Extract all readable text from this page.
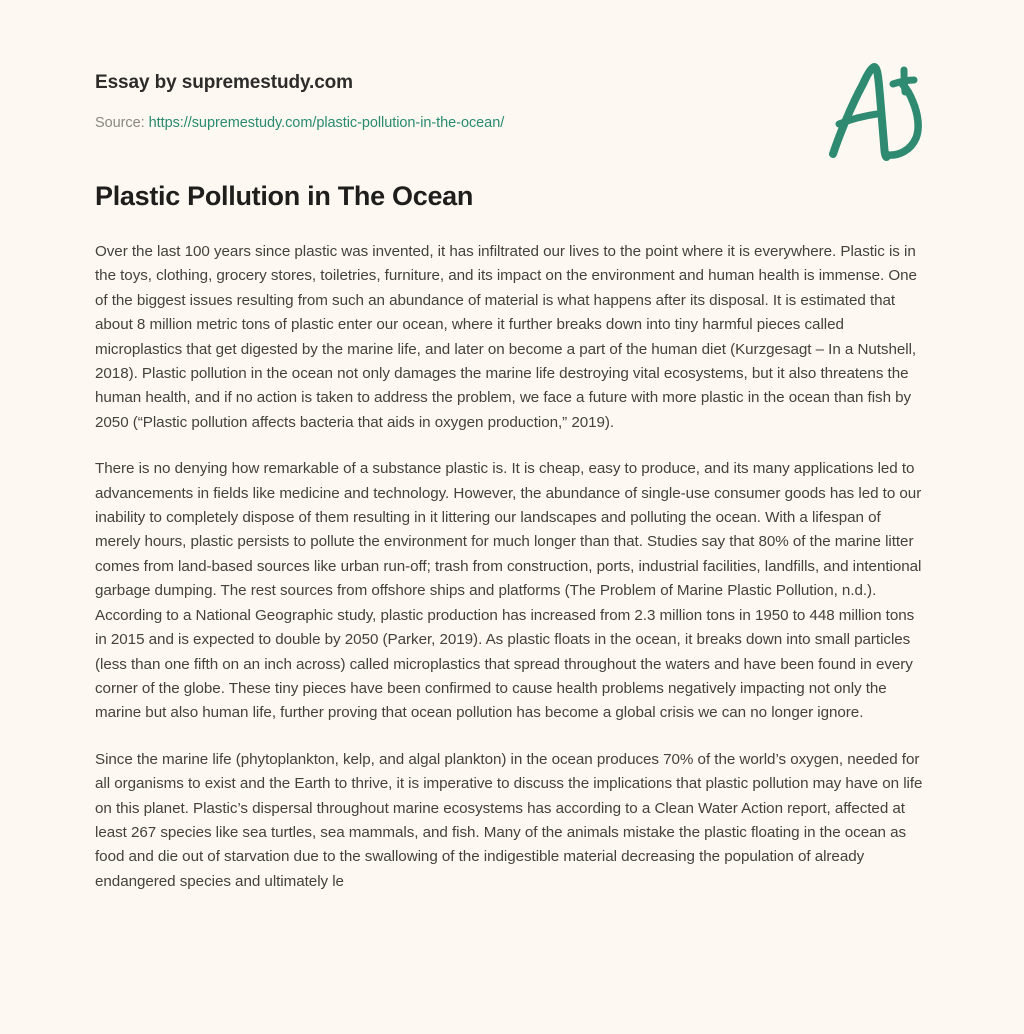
Essay by supremestudy.com
Source: https://supremestudy.com/plastic-pollution-in-the-ocean/
Plastic Pollution in The Ocean

Over the last 100 years since plastic was invented, it has infiltrated our lives to the point where it is everywhere. Plastic is in the toys, clothing, grocery stores, toiletries, furniture, and its impact on the environment and human health is immense. One of the biggest issues resulting from such an abundance of material is what happens after its disposal. It is estimated that about 8 million metric tons of plastic enter our ocean, where it further breaks down into tiny harmful pieces called microplastics that get digested by the marine life, and later on become a part of the human diet (Kurzgesagt – In a Nutshell, 2018). Plastic pollution in the ocean not only damages the marine life destroying vital ecosystems, but it also threatens the human health, and if no action is taken to address the problem, we face a future with more plastic in the ocean than fish by 2050 (“Plastic pollution affects bacteria that aids in oxygen production,” 2019).

There is no denying how remarkable of a substance plastic is. It is cheap, easy to produce, and its many applications led to advancements in fields like medicine and technology. However, the abundance of single-use consumer goods has led to our inability to completely dispose of them resulting in it littering our landscapes and polluting the ocean. With a lifespan of merely hours, plastic persists to pollute the environment for much longer than that. Studies say that 80% of the marine litter comes from land-based sources like urban run-off; trash from construction, ports, industrial facilities, landfills, and intentional garbage dumping. The rest sources from offshore ships and platforms (The Problem of Marine Plastic Pollution, n.d.). According to a National Geographic study, plastic production has increased from 2.3 million tons in 1950 to 448 million tons in 2015 and is expected to double by 2050 (Parker, 2019). As plastic floats in the ocean, it breaks down into small particles (less than one fifth on an inch across) called microplastics that spread throughout the waters and have been found in every corner of the globe. These tiny pieces have been confirmed to cause health problems negatively impacting not only the marine but also human life, further proving that ocean pollution has become a global crisis we can no longer ignore.

Since the marine life (phytoplankton, kelp, and algal plankton) in the ocean produces 70% of the world’s oxygen, needed for all organisms to exist and the Earth to thrive, it is imperative to discuss the implications that plastic pollution may have on life on this planet. Plastic’s dispersal throughout marine ecosystems has according to a Clean Water Action report, affected at least 267 species like sea turtles, sea mammals, and fish. Many of the animals mistake the plastic floating in the ocean as food and die out of starvation due to the swallowing of the indigestible material decreasing the population of already endangered species and ultimately le
